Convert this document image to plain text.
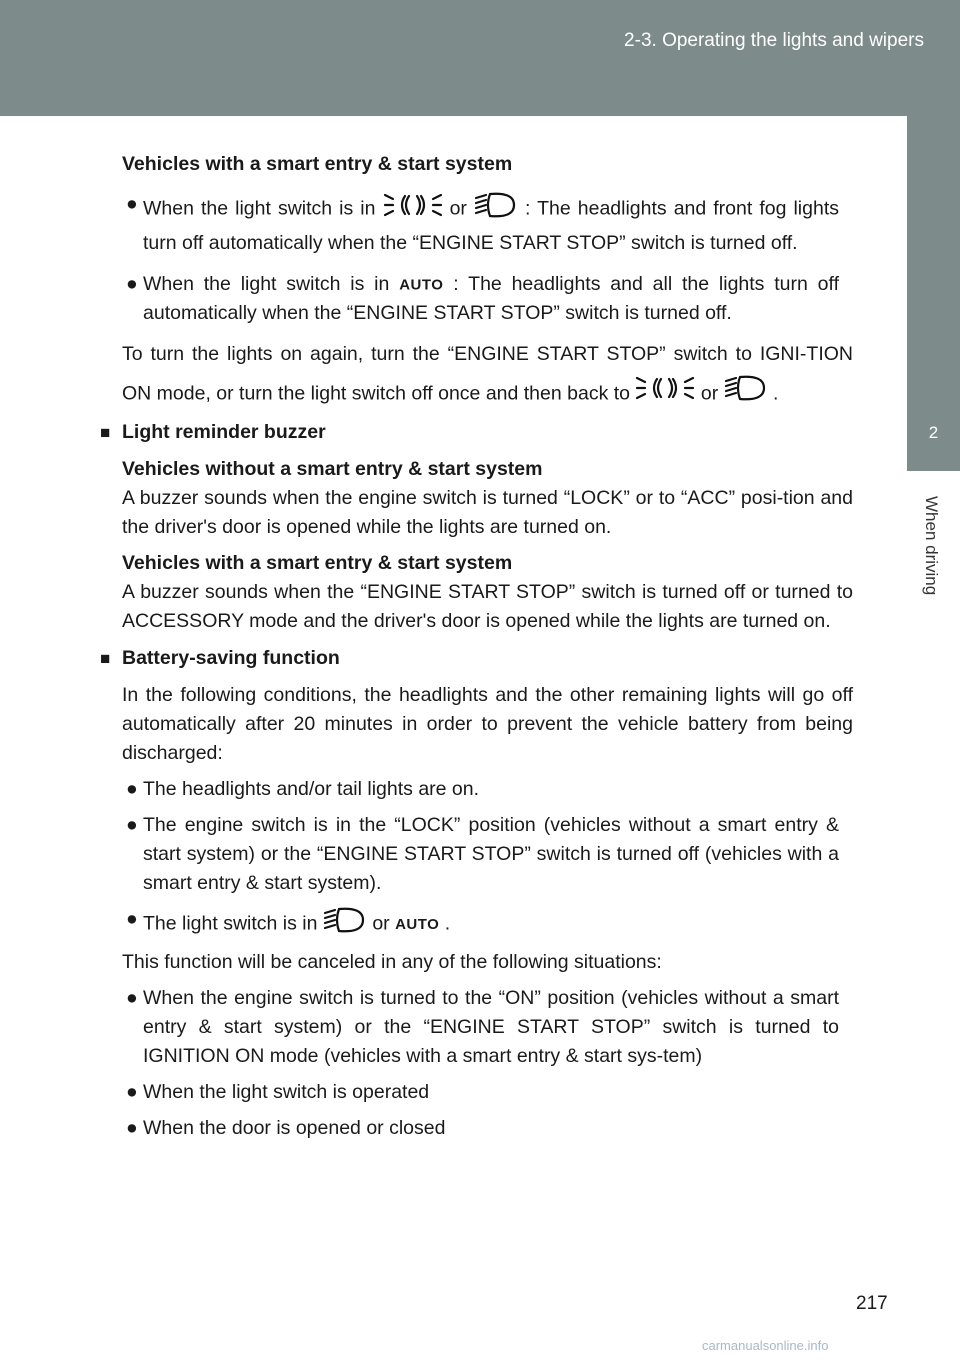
2-3. Operating the lights and wipers
2
When driving

Vehicles with a smart entry & start system

● When the light switch is in	or	: The headlights and front fog lights turn off automatically when the “ENGINE START STOP” switch is turned off.

● When the light switch is in AUTO : The headlights and all the lights turn off automatically when the “ENGINE START STOP” switch is turned off.

To turn the lights on again, turn the “ENGINE START STOP” switch to IGNI-TION ON mode, or turn the light switch off once and then back to	or	.

■ Light reminder buzzer

Vehicles without a smart entry & start system

A buzzer sounds when the engine switch is turned “LOCK” or to “ACC” posi-tion and the driver's door is opened while the lights are turned on.

Vehicles with a smart entry & start system

A buzzer sounds when the “ENGINE START STOP” switch is turned off or turned to ACCESSORY mode and the driver's door is opened while the lights are turned on.

■ Battery-saving function

In the following conditions, the headlights and the other remaining lights will go off automatically after 20 minutes in order to prevent the vehicle battery from being discharged:

● The headlights and/or tail lights are on.

● The engine switch is in the “LOCK” position (vehicles without a smart entry & start system) or the “ENGINE START STOP” switch is turned off (vehicles with a smart entry & start system).

● The light switch is in	or AUTO .

This function will be canceled in any of the following situations:

● When the engine switch is turned to the “ON” position (vehicles without a smart entry & start system) or the “ENGINE START STOP” switch is turned to IGNITION ON mode (vehicles with a smart entry & start sys-tem)

● When the light switch is operated

● When the door is opened or closed

217
carmanualsonline.info
